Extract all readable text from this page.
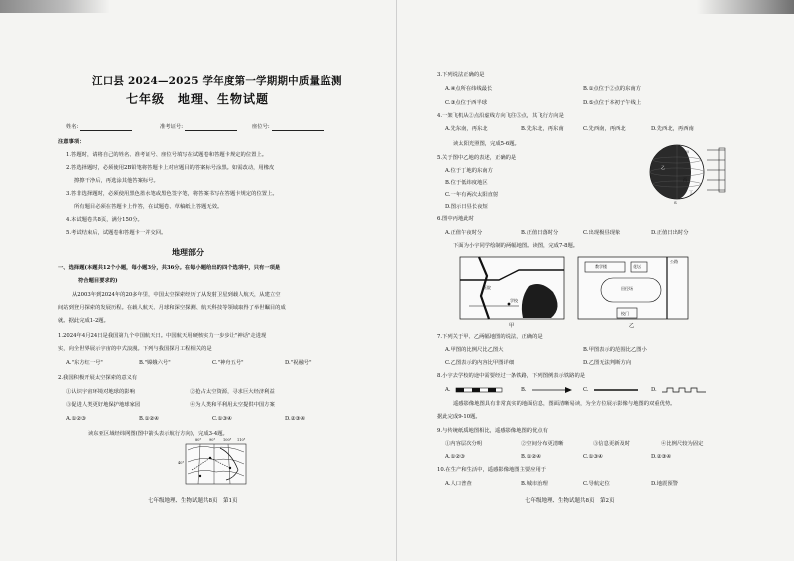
江口县 2024—2025 学年度第一学期期中质量监测
七年级　地理、生物试题
姓名:	准考证号:	座位号:
注意事项：
1.答题时，请将自己的姓名、准考证号、座位号填写在试题卷和答题卡规定的位置上。
2.答选择题时，必须使用2B铅笔将答题卡上对应题目的答案标号涂黑。如需改动，用橡皮
擦擦干净后，再选涂其他答案标号。
3.答非选择题时，必须使用黑色墨水笔或黑色签字笔，将答案书写在答题卡规定的位置上。
所有题目必须在答题卡上作答，在试题卷、草稿纸上答题无效。
4.本试题卷共8页，满分150分。
5.考试结束后，试题卷和答题卡一并交回。
地理部分
一、选择题(本题共12个小题，每小题3分，共36分。在每小题给出的四个选项中，只有一项是
符合题目要求的)
从2003年到2024年的20多年里，中国太空探索经历了从发射卫星到载人航天，从建立空
间站到登月探索的发展历程。在载人航天、月球和深空探测、航天科技等领域取得了举世瞩目的成
就。据此完成1-2题。
1.2024年4月24日是我国第九个中国航天日。中国航天用硬核实力一步步让"神话"走进现
实，向全世界展示宇宙的中式浪漫。下列与我国探月工程相关的是
A."东方红一号"	B."嫦娥六号"	C."神舟五号"	D."祝融号"
2.我国积极开展太空探索的意义有
①认识宇宙环境对地球的影响	②抢占太空资源，寻求巨大经济利益
③促进人类更好地保护地球家园	④为人类和平利用太空提供中国方案
A.①②③	B.①②④	C.①③④	D.②③④
读东亚区域经纬网图(图中箭头表示航行方向)，完成3-4题。
80° 90° 100° 110°
40°
七年级地理、生物试题共8页　第1页
3.下列说法正确的是
A.④点所在纬线最长	B.①点位于②点的东南方
C.③点位于西半球	D.⑤点位于本初子午线上
4.一架飞机从②点沿虚线方向飞往⑤点，其飞行方向是
A.先东南，再东北	B.先东北，再东南	C.先西南，再西北	D.先西北，再西南
读太阳光照图，完成5-6题。
5.关于图中乙地的表述，正确的是
A.位于丁地的东南方
B.位于低纬度地区
C.一年有两次太阳直射
D.图示日昼长夜短
甲
乙
丙
丁
S
6.图中丙地此时
A.正值午夜时分	B.正值日落时分	C.出现极昼现象	D.正值日出时分
下面为小宇同学绘制的两幅地图。读图，完成7-8题。
医院
学校
甲
教学楼	花坛
公路
田径场
校门
乙
7.下列关于甲、乙两幅地图的说法，正确的是
A.甲图的比例尺比乙图大	B.甲图表示的范围比乙图小
C.乙图表示的内容比甲图详细	D.乙图无法判断方向
8.小宇去学校的途中需要经过一条铁路，下列图例表示铁路的是
A.	B.	C.	D.
遥感影像地图具有非常真实的地面信息，图面清晰易读，为全方位展示影像与地图的双重优势。
据此完成9-10题。
9.与传统纸质地图相比，遥感影像地图的优点有
①内容层次分明	②空间分布更清晰	③信息更新及时	④比例尺较为固定
A.①②③	B.①②④	C.①③④	D.②③④
10.在生产和生活中，遥感影像地图主要应用于
A.人口普查	B.城市治理	C.导航定位	D.地震预警
七年级地理、生物试题共8页　第2页
